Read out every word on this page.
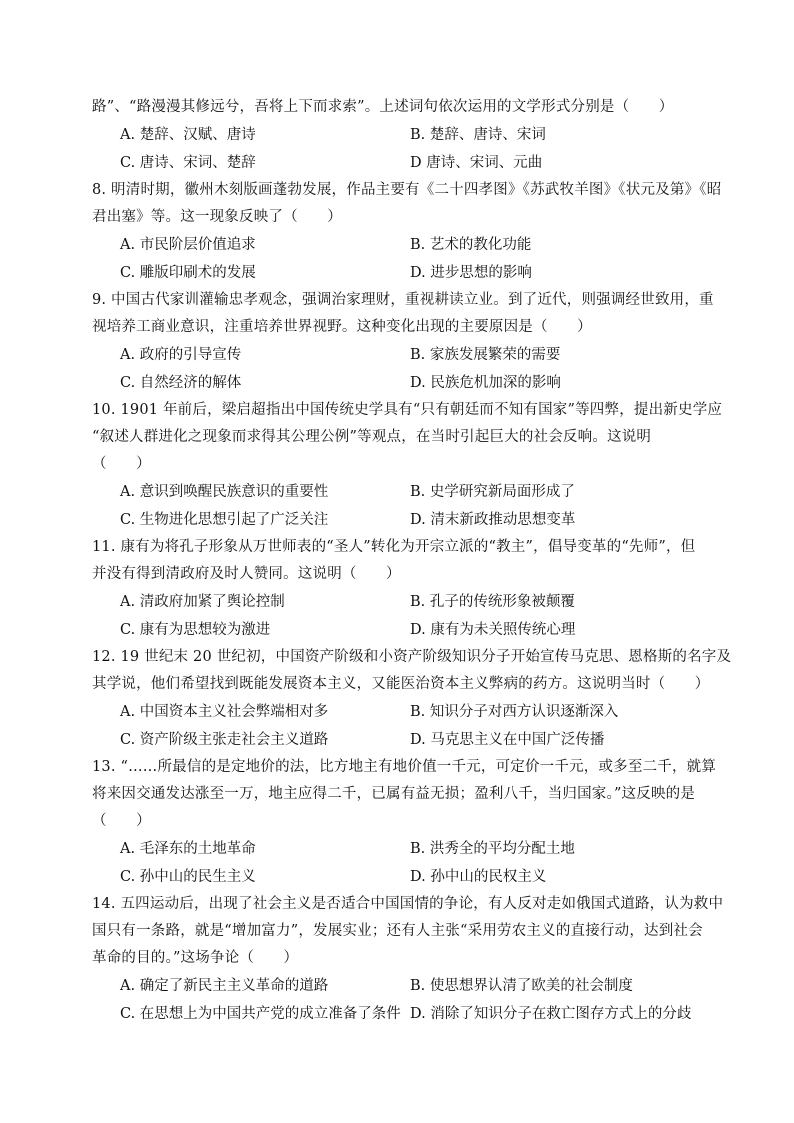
路”、“路漫漫其修远兮，吾将上下而求索”。上述词句依次运用的文学形式分别是（　　）
A. 楚辞、汉赋、唐诗	B. 楚辞、唐诗、宋词
C. 唐诗、宋词、楚辞	D 唐诗、宋词、元曲
8. 明清时期，徽州木刻版画蓬勃发展，作品主要有《二十四孝图》《苏武牧羊图》《状元及第》《昭
君出塞》等。这一现象反映了（　　）
A. 市民阶层价值追求	B. 艺术的教化功能
C. 雕版印刷术的发展	D. 进步思想的影响
9. 中国古代家训灌输忠孝观念，强调治家理财，重视耕读立业。到了近代，则强调经世致用，重
视培养工商业意识，注重培养世界视野。这种变化出现的主要原因是（　　）
A. 政府的引导宣传	B. 家族发展繁荣的需要
C. 自然经济的解体	D. 民族危机加深的影响
10. 1901 年前后，梁启超指出中国传统史学具有“只有朝廷而不知有国家”等四弊，提出新史学应
“叙述人群进化之现象而求得其公理公例”等观点，在当时引起巨大的社会反响。这说明
（　　）
A. 意识到唤醒民族意识的重要性	B. 史学研究新局面形成了
C. 生物进化思想引起了广泛关注	D. 清末新政推动思想变革
11. 康有为将孔子形象从万世师表的“圣人”转化为开宗立派的“教主”，倡导变革的“先师”，但
并没有得到清政府及时人赞同。这说明（　　）
A. 清政府加紧了舆论控制	B. 孔子的传统形象被颠覆
C. 康有为思想较为激进	D. 康有为未关照传统心理
12. 19 世纪末 20 世纪初，中国资产阶级和小资产阶级知识分子开始宣传马克思、恩格斯的名字及
其学说，他们希望找到既能发展资本主义，又能医治资本主义弊病的药方。这说明当时（　　）
A. 中国资本主义社会弊端相对多	B. 知识分子对西方认识逐渐深入
C. 资产阶级主张走社会主义道路	D. 马克思主义在中国广泛传播
13. “……所最信的是定地价的法，比方地主有地价值一千元，可定价一千元，或多至二千，就算
将来因交通发达涨至一万，地主应得二千，已属有益无损；盈利八千，当归国家。”这反映的是
（　　）
A. 毛泽东的土地革命	B. 洪秀全的平均分配土地
C. 孙中山的民生主义	D. 孙中山的民权主义
14. 五四运动后，出现了社会主义是否适合中国国情的争论，有人反对走如俄国式道路，认为救中
国只有一条路，就是“增加富力”，发展实业；还有人主张“采用劳农主义的直接行动，达到社会
革命的目的。”这场争论（　　）
A. 确定了新民主主义革命的道路	B. 使思想界认清了欧美的社会制度
C. 在思想上为中国共产党的成立准备了条件 D. 消除了知识分子在救亡图存方式上的分歧
